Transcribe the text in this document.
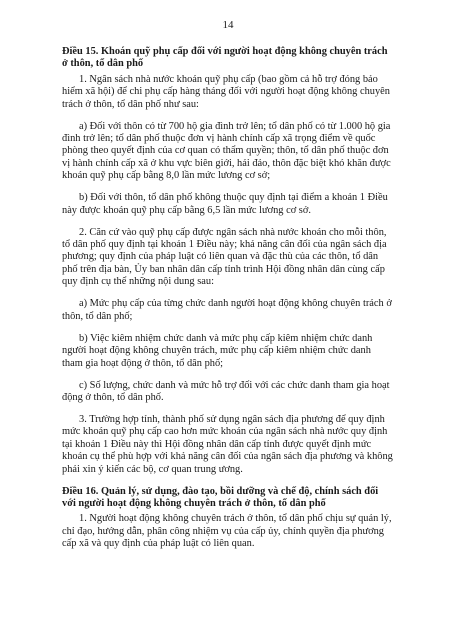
14

Điều 15. Khoán quỹ phụ cấp đối với người hoạt động không chuyên trách ở thôn, tổ dân phố

1. Ngân sách nhà nước khoán quỹ phụ cấp (bao gồm cả hỗ trợ đóng bảo hiểm xã hội) để chi phụ cấp hàng tháng đối với người hoạt động không chuyên trách ở thôn, tổ dân phố như sau:

a) Đối với thôn có từ 700 hộ gia đình trở lên; tổ dân phố có từ 1.000 hộ gia đình trở lên; tổ dân phố thuộc đơn vị hành chính cấp xã trọng điểm về quốc phòng theo quyết định của cơ quan có thẩm quyền; thôn, tổ dân phố thuộc đơn vị hành chính cấp xã ở khu vực biên giới, hải đảo, thôn đặc biệt khó khăn được khoán quỹ phụ cấp bằng 8,0 lần mức lương cơ sở;

b) Đối với thôn, tổ dân phố không thuộc quy định tại điểm a khoản 1 Điều này được khoán quỹ phụ cấp bằng 6,5 lần mức lương cơ sở.

2. Căn cứ vào quỹ phụ cấp được ngân sách nhà nước khoán cho mỗi thôn, tổ dân phố quy định tại khoản 1 Điều này; khả năng cân đối của ngân sách địa phương; quy định của pháp luật có liên quan và đặc thù của các thôn, tổ dân phố trên địa bàn, Ủy ban nhân dân cấp tỉnh trình Hội đồng nhân dân cùng cấp quy định cụ thể những nội dung sau:

a) Mức phụ cấp của từng chức danh người hoạt động không chuyên trách ở thôn, tổ dân phố;

b) Việc kiêm nhiệm chức danh và mức phụ cấp kiêm nhiệm chức danh người hoạt động không chuyên trách, mức phụ cấp kiêm nhiệm chức danh tham gia hoạt động ở thôn, tổ dân phố;

c) Số lượng, chức danh và mức hỗ trợ đối với các chức danh tham gia hoạt động ở thôn, tổ dân phố.

3. Trường hợp tỉnh, thành phố sử dụng ngân sách địa phương để quy định mức khoán quỹ phụ cấp cao hơn mức khoán của ngân sách nhà nước quy định tại khoản 1 Điều này thì Hội đồng nhân dân cấp tỉnh được quyết định mức khoán cụ thể phù hợp với khả năng cân đối của ngân sách địa phương và không phải xin ý kiến các bộ, cơ quan trung ương.

Điều 16. Quản lý, sử dụng, đào tạo, bồi dưỡng và chế độ, chính sách đối với người hoạt động không chuyên trách ở thôn, tổ dân phố

1. Người hoạt động không chuyên trách ở thôn, tổ dân phố chịu sự quản lý, chỉ đạo, hướng dẫn, phân công nhiệm vụ của cấp ủy, chính quyền địa phương cấp xã và quy định của pháp luật có liên quan.
